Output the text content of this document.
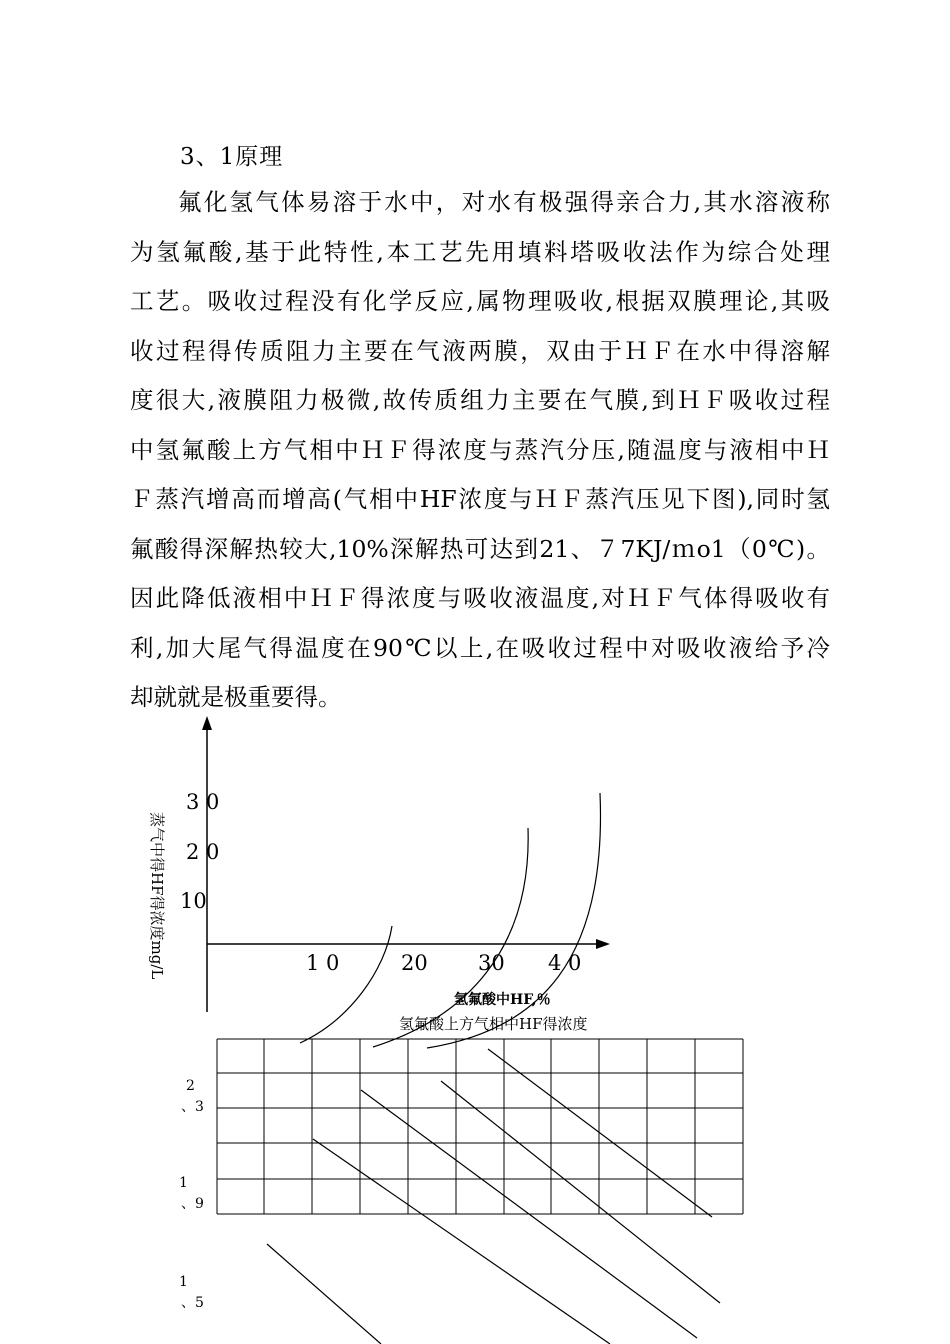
3、1原理
氟化氢气体易溶于水中，对水有极强得亲合力,其水溶液称
为氢氟酸,基于此特性,本工艺先用填料塔吸收法作为综合处理
工艺。吸收过程没有化学反应,属物理吸收,根据双膜理论,其吸
收过程得传质阻力主要在气液两膜，双由于ＨＦ在水中得溶解
度很大,液膜阻力极微,故传质组力主要在气膜,到ＨＦ吸收过程
中氢氟酸上方气相中ＨＦ得浓度与蒸汽分压,随温度与液相中Ｈ
Ｆ蒸汽增高而增高(气相中HF浓度与ＨＦ蒸汽压见下图),同时氢
氟酸得深解热较大,10%深解热可达到21、７7KJ/ｍo1（0℃)。
因此降低液相中ＨＦ得浓度与吸收液温度,对ＨＦ气体得吸收有
利,加大尾气得温度在90℃以上,在吸收过程中对吸收液给予冷
却就就是极重要得。
3 0
2 0
10
蒸气中得HF得浓度mg/L	1 0	20 30 4 0
氢氟酸中HF,％
氢氟酸上方气相中HF得浓度
2
、3
1
、9
1
、5
